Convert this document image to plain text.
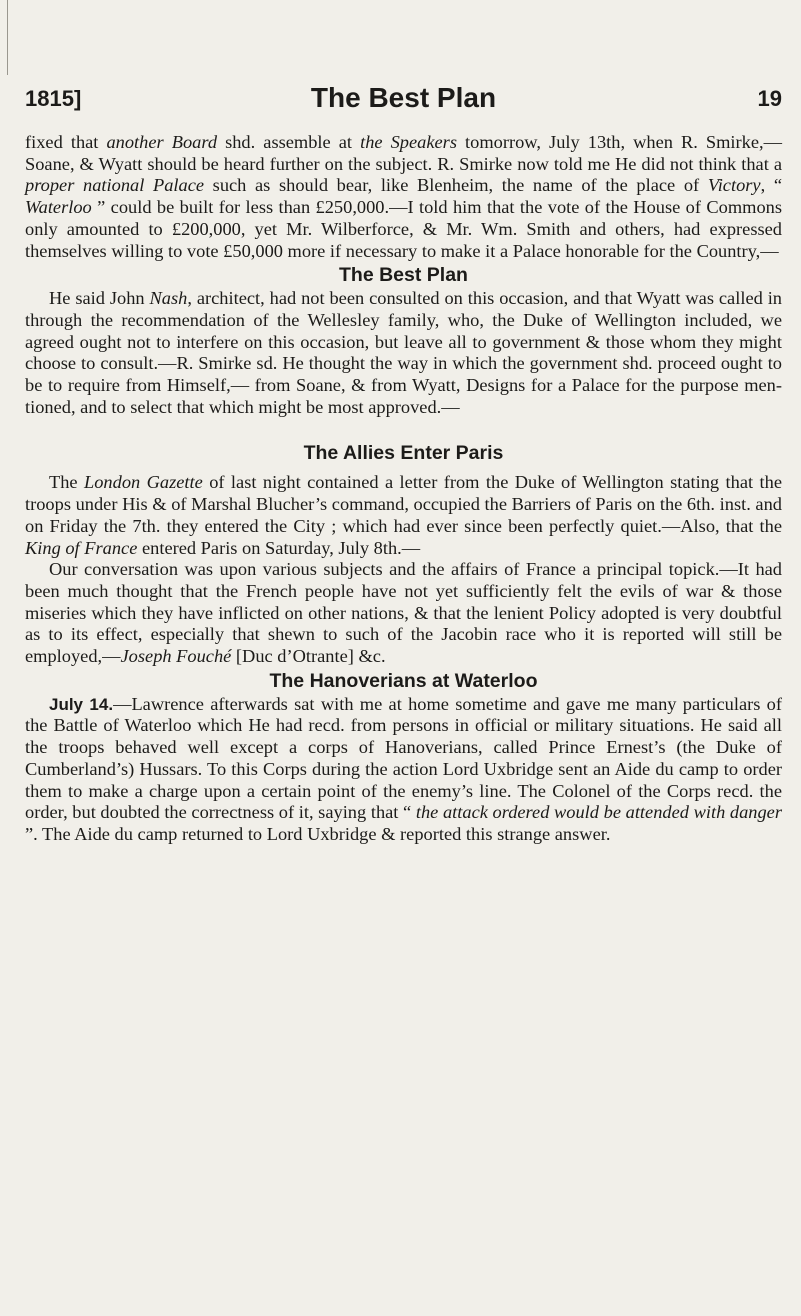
1815]	The Best Plan	19

fixed that another Board shd. assemble at the Speakers tomorrow, July 13th, when R. Smirke,—Soane, & Wyatt should be heard further on the subject. R. Smirke now told me He did not think that a proper national Palace such as should bear, like Blenheim, the name of the place of Victory, “ Waterloo ” could be built for less than £250,000.—I told him that the vote of the House of Commons only amounted to £200,000, yet Mr. Wilberforce, & Mr. Wm. Smith and others, had expressed themselves willing to vote £50,000 more if necessary to make it a Palace honorable for the Country,—

The Best Plan

He said John Nash, architect, had not been consulted on this occasion, and that Wyatt was called in through the recommendation of the Wellesley family, who, the Duke of Wellington included, we agreed ought not to interfere on this occasion, but leave all to government & those whom they might choose to consult.—R. Smirke sd. He thought the way in which the government shd. proceed ought to be to require from Himself,— from Soane, & from Wyatt, Designs for a Palace for the purpose men- tioned, and to select that which might be most approved.—

The Allies Enter Paris

The London Gazette of last night contained a letter from the Duke of Wellington stating that the troops under His & of Marshal Blucher’s command, occupied the Barriers of Paris on the 6th. inst. and on Friday the 7th. they entered the City ; which had ever since been perfectly quiet.—Also, that the King of France entered Paris on Saturday, July 8th.—

Our conversation was upon various subjects and the affairs of France a principal topick.—It had been much thought that the French people have not yet sufficiently felt the evils of war & those miseries which they have inflicted on other nations, & that the lenient Policy adopted is very doubtful as to its effect, especially that shewn to such of the Jacobin race who it is reported will still be employed,—Joseph Fouché [Duc d’Otrante] &c.

The Hanoverians at Waterloo

July 14.—Lawrence afterwards sat with me at home sometime and gave me many particulars of the Battle of Waterloo which He had recd. from persons in official or military situations. He said all the troops behaved well except a corps of Hanoverians, called Prince Ernest’s (the Duke of Cumberland’s) Hussars. To this Corps during the action Lord Uxbridge sent an Aide du camp to order them to make a charge upon a certain point of the enemy’s line. The Colonel of the Corps recd. the order, but doubted the correctness of it, saying that “ the attack ordered would be attended with danger ”. The Aide du camp returned to Lord Uxbridge & reported this strange answer.
